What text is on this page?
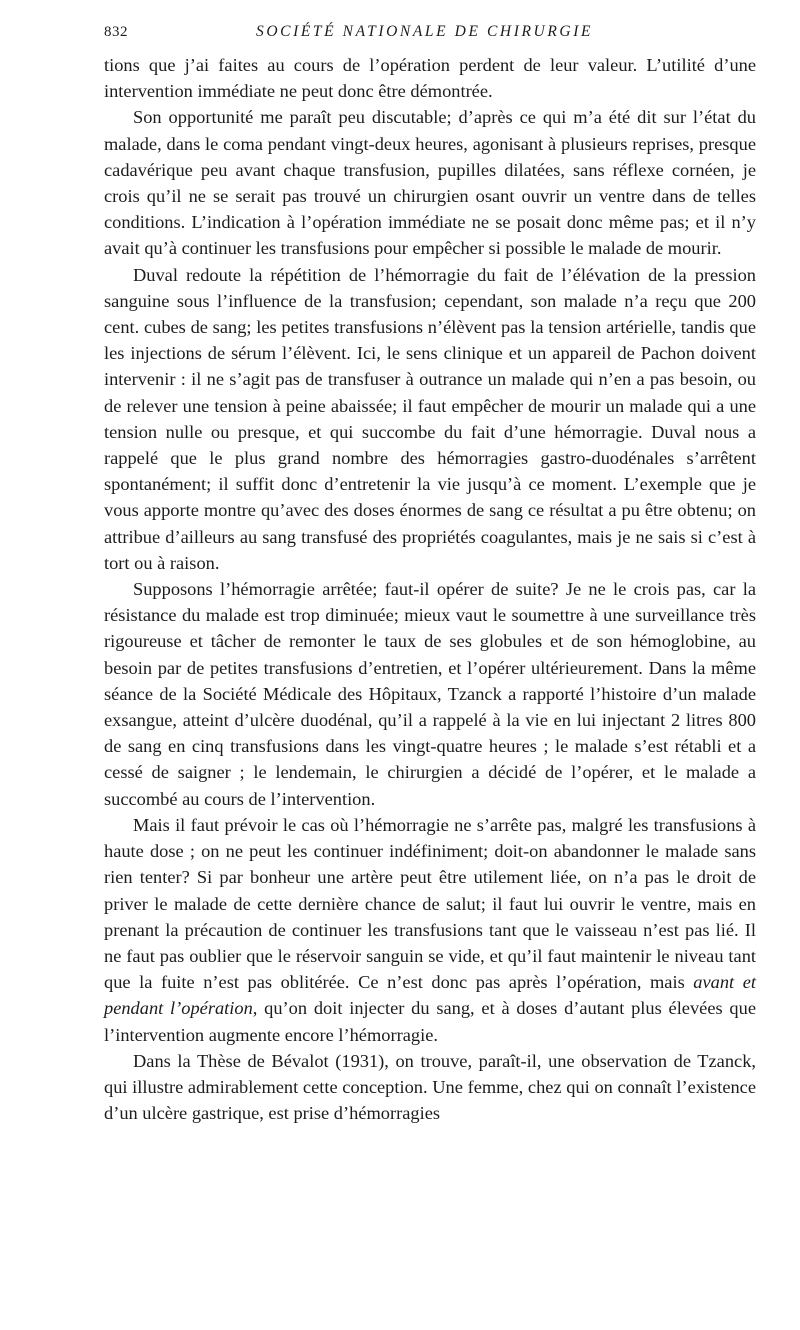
832	SOCIÉTÉ NATIONALE DE CHIRURGIE

tions que j’ai faites au cours de l’opération perdent de leur valeur. L’utilité d’une intervention immédiate ne peut donc être démontrée.

Son opportunité me paraît peu discutable; d’après ce qui m’a été dit sur l’état du malade, dans le coma pendant vingt-deux heures, agonisant à plusieurs reprises, presque cadavérique peu avant chaque transfusion, pupilles dilatées, sans réflexe cornéen, je crois qu’il ne se serait pas trouvé un chirurgien osant ouvrir un ventre dans de telles conditions. L’indication à l’opération immédiate ne se posait donc même pas; et il n’y avait qu’à continuer les transfusions pour empêcher si possible le malade de mourir.

Duval redoute la répétition de l’hémorragie du fait de l’élévation de la pression sanguine sous l’influence de la transfusion; cependant, son malade n’a reçu que 200 cent. cubes de sang; les petites transfusions n’élèvent pas la tension artérielle, tandis que les injections de sérum l’élèvent. Ici, le sens clinique et un appareil de Pachon doivent intervenir : il ne s’agit pas de transfuser à outrance un malade qui n’en a pas besoin, ou de relever une tension à peine abaissée; il faut empêcher de mourir un malade qui a une tension nulle ou presque, et qui succombe du fait d’une hémorragie. Duval nous a rappelé que le plus grand nombre des hémorragies gastro-duodénales s’arrêtent spontanément; il suffit donc d’entretenir la vie jusqu’à ce moment. L’exemple que je vous apporte montre qu’avec des doses énormes de sang ce résultat a pu être obtenu; on attribue d’ailleurs au sang transfusé des propriétés coagulantes, mais je ne sais si c’est à tort ou à raison.

Supposons l’hémorragie arrêtée; faut-il opérer de suite? Je ne le crois pas, car la résistance du malade est trop diminuée; mieux vaut le soumettre à une surveillance très rigoureuse et tâcher de remonter le taux de ses globules et de son hémoglobine, au besoin par de petites transfusions d’entretien, et l’opérer ultérieurement. Dans la même séance de la Société Médicale des Hôpitaux, Tzanck a rapporté l’histoire d’un malade exsangue, atteint d’ulcère duodénal, qu’il a rappelé à la vie en lui injectant 2 litres 800 de sang en cinq transfusions dans les vingt-quatre heures ; le malade s’est rétabli et a cessé de saigner ; le lendemain, le chirurgien a décidé de l’opérer, et le malade a succombé au cours de l’intervention.

Mais il faut prévoir le cas où l’hémorragie ne s’arrête pas, malgré les transfusions à haute dose ; on ne peut les continuer indéfiniment; doit-on abandonner le malade sans rien tenter? Si par bonheur une artère peut être utilement liée, on n’a pas le droit de priver le malade de cette dernière chance de salut; il faut lui ouvrir le ventre, mais en prenant la précaution de continuer les transfusions tant que le vaisseau n’est pas lié. Il ne faut pas oublier que le réservoir sanguin se vide, et qu’il faut maintenir le niveau tant que la fuite n’est pas oblitérée. Ce n’est donc pas après l’opération, mais avant et pendant l’opération, qu’on doit injecter du sang, et à doses d’autant plus élevées que l’intervention augmente encore l’hémorragie.

Dans la Thèse de Bévalot (1931), on trouve, paraît-il, une observation de Tzanck, qui illustre admirablement cette conception. Une femme, chez qui on connaît l’existence d’un ulcère gastrique, est prise d’hémorragies
